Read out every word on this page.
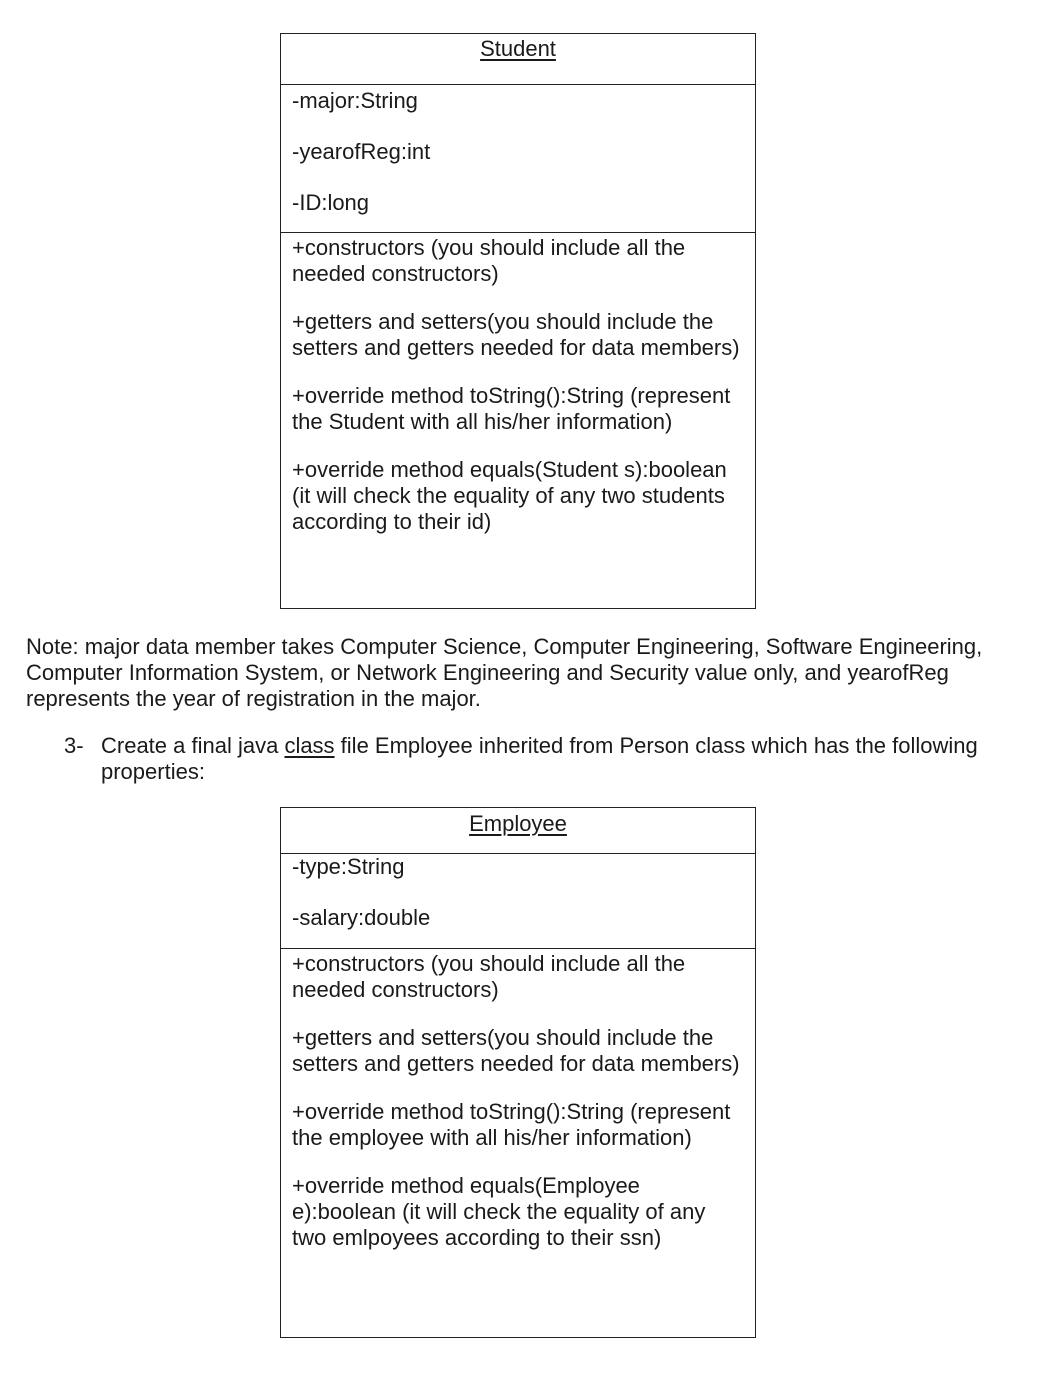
Student
-major:String
-yearofReg:int
-ID:long
+constructors (you should include all the needed constructors)
+getters and setters(you should include the setters and getters needed for data members)
+override method toString():String (represent the Student with all his/her information)
+override method equals(Student s):boolean (it will check the equality of any two students according to their id)
Note: major data member takes Computer Science, Computer Engineering, Software Engineering, Computer Information System, or Network Engineering and Security value only, and yearofReg represents the year of registration in the major.
3- Create a final java class file Employee inherited from Person class which has the following properties:
Employee
-type:String
-salary:double
+constructors (you should include all the needed constructors)
+getters and setters(you should include the setters and getters needed for data members)
+override method toString():String (represent the employee with all his/her information)
+override method equals(Employee e):boolean (it will check the equality of any two emlpoyees according to their ssn)
